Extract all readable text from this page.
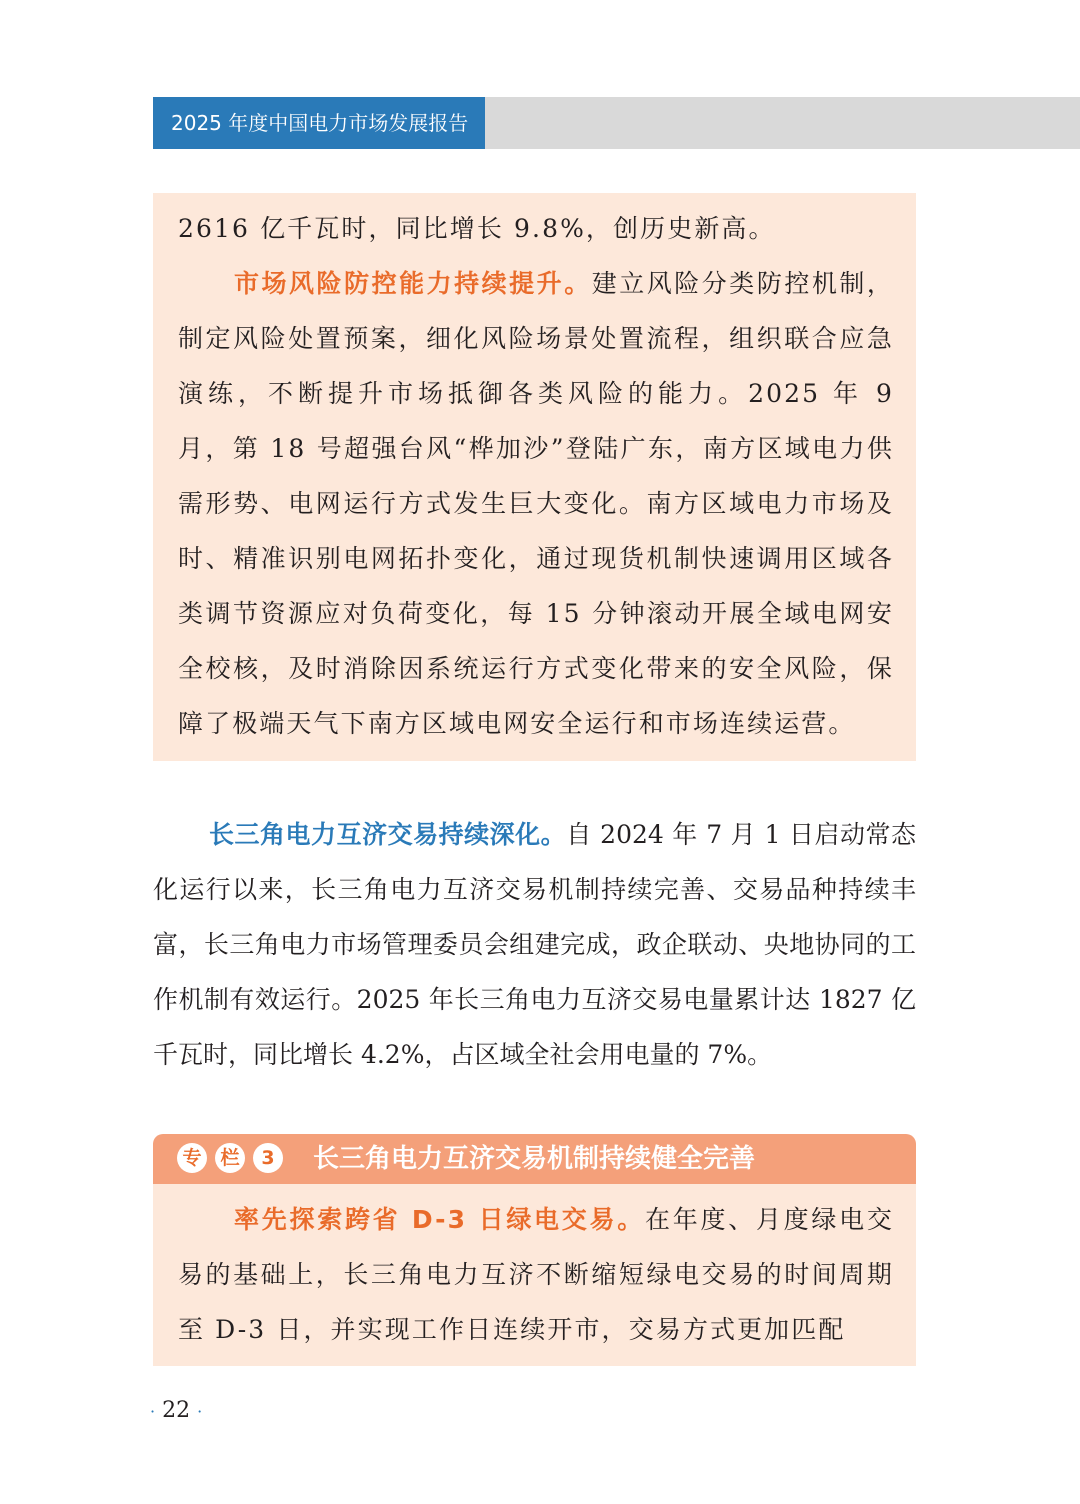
2025 年度中国电力市场发展报告

2616 亿千瓦时，同比增长 9.8%，创历史新高。

市场风险防控能力持续提升。建立风险分类防控机制，制定风险处置预案，细化风险场景处置流程，组织联合应急演练，不断提升市场抵御各类风险的能力。2025 年 9 月，第 18 号超强台风“桦加沙”登陆广东，南方区域电力供需形势、电网运行方式发生巨大变化。南方区域电力市场及时、精准识别电网拓扑变化，通过现货机制快速调用区域各类调节资源应对负荷变化，每 15 分钟滚动开展全域电网安全校核，及时消除因系统运行方式变化带来的安全风险，保障了极端天气下南方区域电网安全运行和市场连续运营。

长三角电力互济交易持续深化。自 2024 年 7 月 1 日启动常态化运行以来，长三角电力互济交易机制持续完善、交易品种持续丰富，长三角电力市场管理委员会组建完成，政企联动、央地协同的工作机制有效运行。2025 年长三角电力互济交易电量累计达 1827 亿千瓦时，同比增长 4.2%，占区域全社会用电量的 7%。

专 栏	3	长三角电力互济交易机制持续健全完善

率先探索跨省 D-3 日绿电交易。在年度、月度绿电交易的基础上，长三角电力互济不断缩短绿电交易的时间周期至 D-3 日，并实现工作日连续开市，交易方式更加匹配

· 22 ·
